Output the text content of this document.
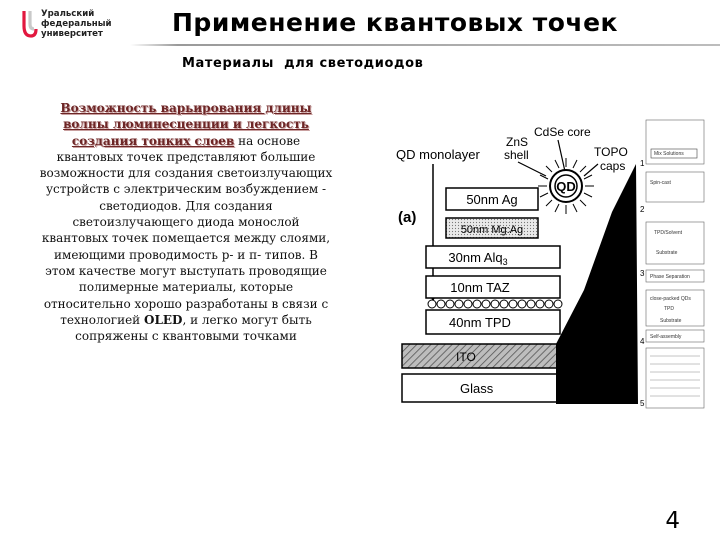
Уральский
федеральный
университет	Применение квантовых точек
Материалы  для светодиодов
Возможность варьирования длины волны люминесценции и легкость создания тонких слоев на основе квантовых точек представляют большие возможности для создания светоизлучающих устройств с электрическим возбуждением - светодиодов. Для создания светоизлучающего диода монослой квантовых точек помещается между слоями, имеющими проводимость р- и п- типов. В этом качестве могут выступать проводящие полимерные материалы, которые относительно хорошо разработаны в связи с технологией OLED, и легко могут быть сопряжены с квантовыми точками
(a)
QD monolayer
ZnS
shell
CdSe core
TOPO
caps
QD
50nm Ag
50nm Mg:Ag
30nm Alq$_3$
10nm TAZ
40nm TPD
ITO
Glass
Mix Solutions
1
Spin-cast
2
TPD/Solvent
Substrate
3 Phase Separation
close-packed QDs
TPD
Substrate
4 Self-assembly
5
4
